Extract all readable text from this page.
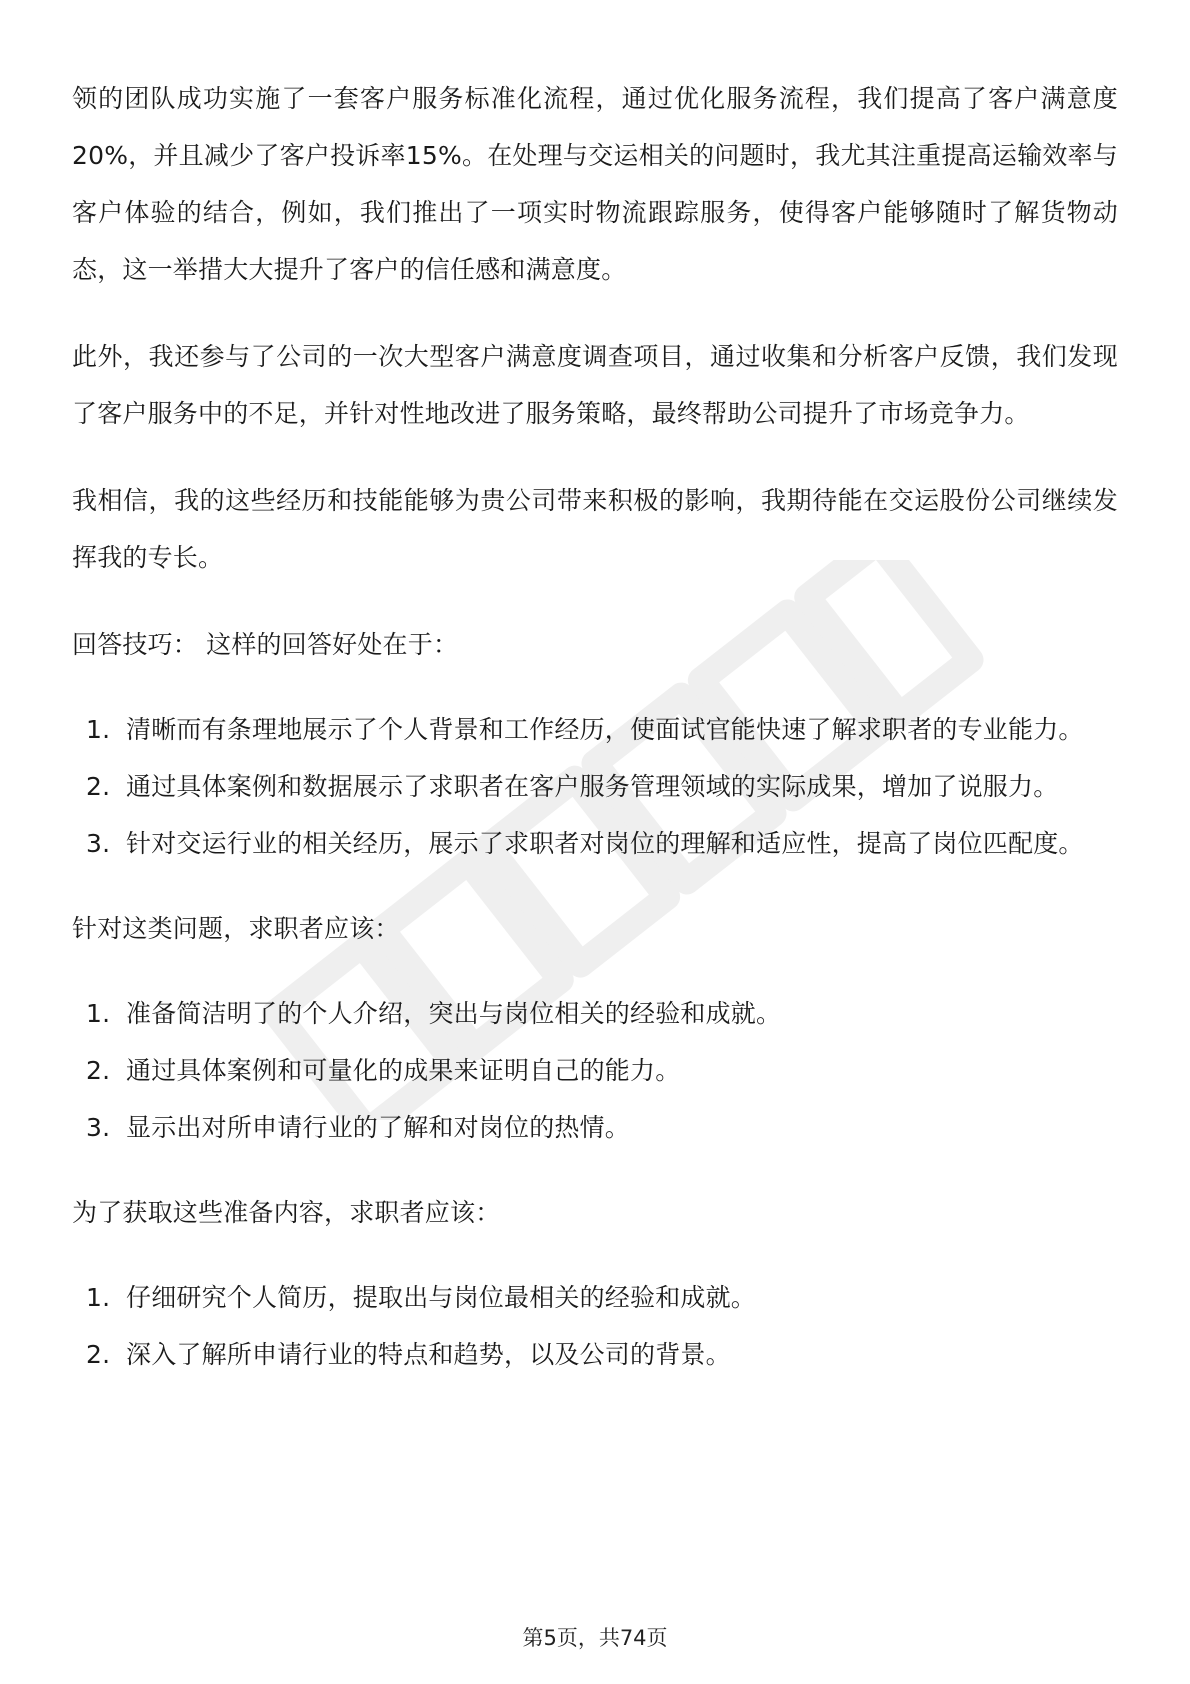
领的团队成功实施了一套客户服务标准化流程，通过优化服务流程，我们提高了客户满意度20%，并且减少了客户投诉率15%。在处理与交运相关的问题时，我尤其注重提高运输效率与客户体验的结合，例如，我们推出了一项实时物流跟踪服务，使得客户能够随时了解货物动态，这一举措大大提升了客户的信任感和满意度。

此外，我还参与了公司的一次大型客户满意度调查项目，通过收集和分析客户反馈，我们发现了客户服务中的不足，并针对性地改进了服务策略，最终帮助公司提升了市场竞争力。

我相信，我的这些经历和技能能够为贵公司带来积极的影响，我期待能在交运股份公司继续发挥我的专长。

回答技巧： 这样的回答好处在于：

1. 清晰而有条理地展示了个人背景和工作经历，使面试官能快速了解求职者的专业能力。
2. 通过具体案例和数据展示了求职者在客户服务管理领域的实际成果，增加了说服力。
3. 针对交运行业的相关经历，展示了求职者对岗位的理解和适应性，提高了岗位匹配度。

针对这类问题，求职者应该：

1. 准备简洁明了的个人介绍，突出与岗位相关的经验和成就。
2. 通过具体案例和可量化的成果来证明自己的能力。
3. 显示出对所申请行业的了解和对岗位的热情。

为了获取这些准备内容，求职者应该：

1. 仔细研究个人简历，提取出与岗位最相关的经验和成就。
2. 深入了解所申请行业的特点和趋势，以及公司的背景。
第5页，共74页
